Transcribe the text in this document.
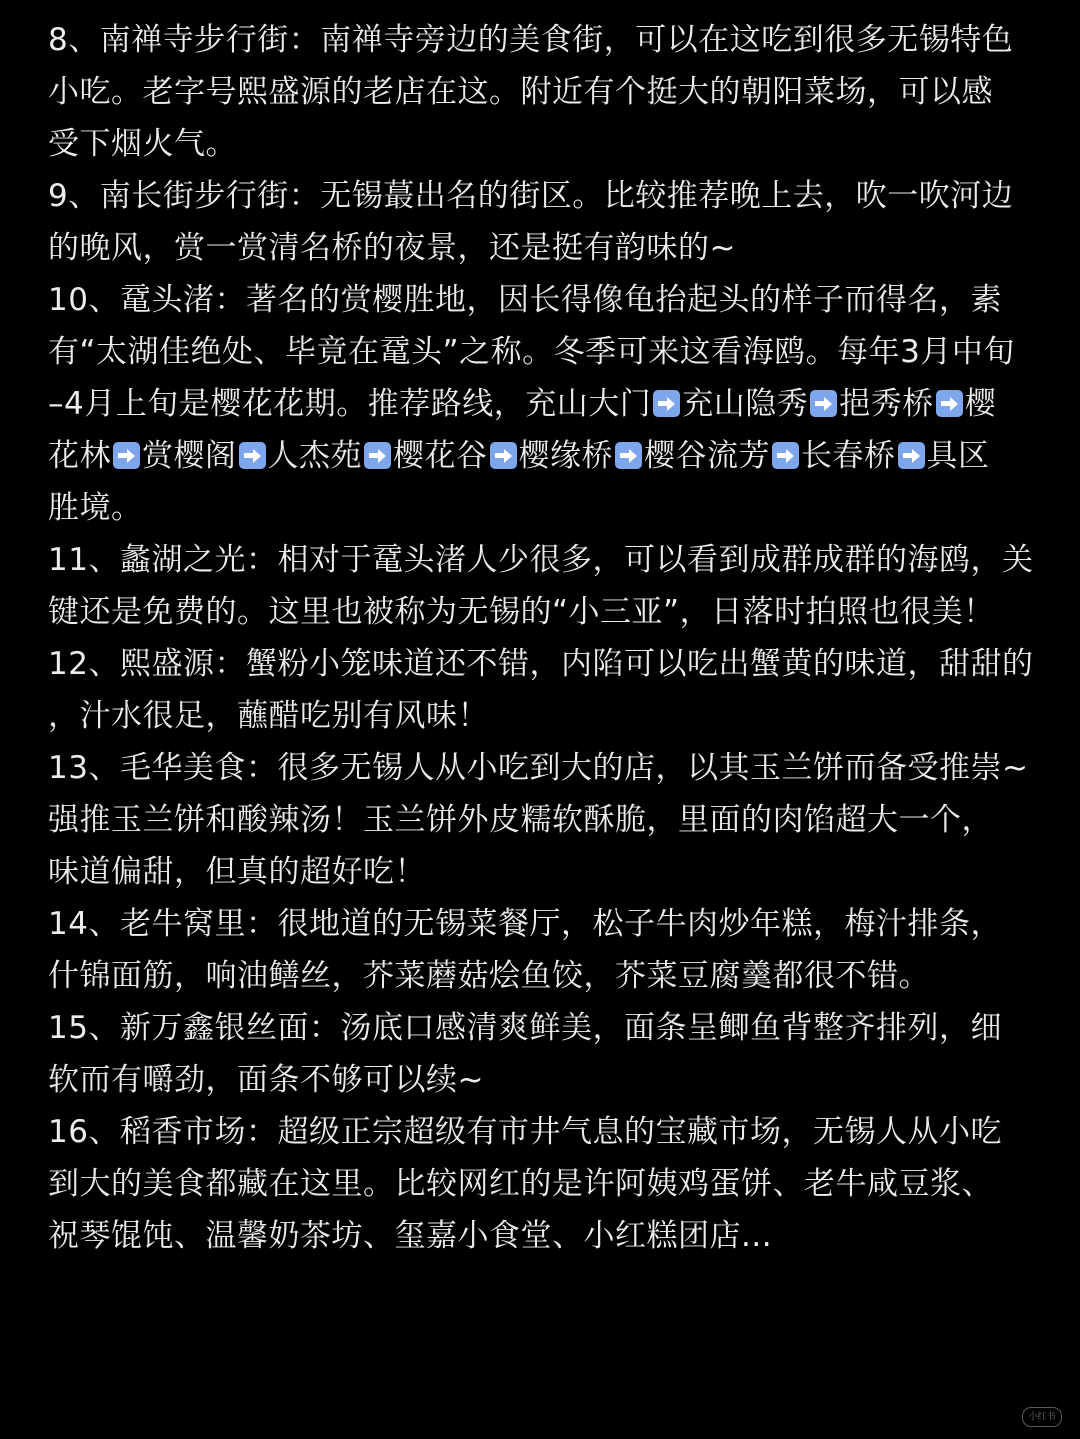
8、南禅寺步行街：南禅寺旁边的美食街，可以在这吃到很多无锡特色
小吃。老字号熙盛源的老店在这。附近有个挺大的朝阳菜场，可以感
受下烟火气。
9、南长街步行街：无锡蕞出名的街区。比较推荐晚上去，吹一吹河边
的晚风，赏一赏清名桥的夜景，还是挺有韵味的~
10、鼋头渚：著名的赏樱胜地，因长得像龟抬起头的样子而得名，素
有“太湖佳绝处、毕竟在鼋头”之称。冬季可来这看海鸥。每年3月中旬
–4月上旬是樱花花期。推荐路线，充山大门 充山隐秀 挹秀桥 樱
花林 赏樱阁 人杰苑 樱花谷 樱缘桥 樱谷流芳 长春桥 具区
胜境。
11、蠡湖之光：相对于鼋头渚人少很多，可以看到成群成群的海鸥，关
键还是免费的。这里也被称为无锡的“小三亚”，日落时拍照也很美！
12、熙盛源：蟹粉小笼味道还不错，内陷可以吃出蟹黄的味道，甜甜的
，汁水很足，蘸醋吃别有风味！
13、毛华美食：很多无锡人从小吃到大的店，以其玉兰饼而备受推崇~
强推玉兰饼和酸辣汤！玉兰饼外皮糯软酥脆，里面的肉馅超大一个，
味道偏甜，但真的超好吃！
14、老牛窝里：很地道的无锡菜餐厅，松子牛肉炒年糕，梅汁排条，
什锦面筋，响油鳝丝，芥菜蘑菇烩鱼饺，芥菜豆腐羹都很不错。
15、新万鑫银丝面：汤底口感清爽鲜美，面条呈鲫鱼背整齐排列，细
软而有嚼劲，面条不够可以续~
16、稻香市场：超级正宗超级有市井气息的宝藏市场，无锡人从小吃
到大的美食都藏在这里。比较网红的是许阿姨鸡蛋饼、老牛咸豆浆、
祝琴馄饨、温馨奶茶坊、玺嘉小食堂、小红糕团店...
小红书
